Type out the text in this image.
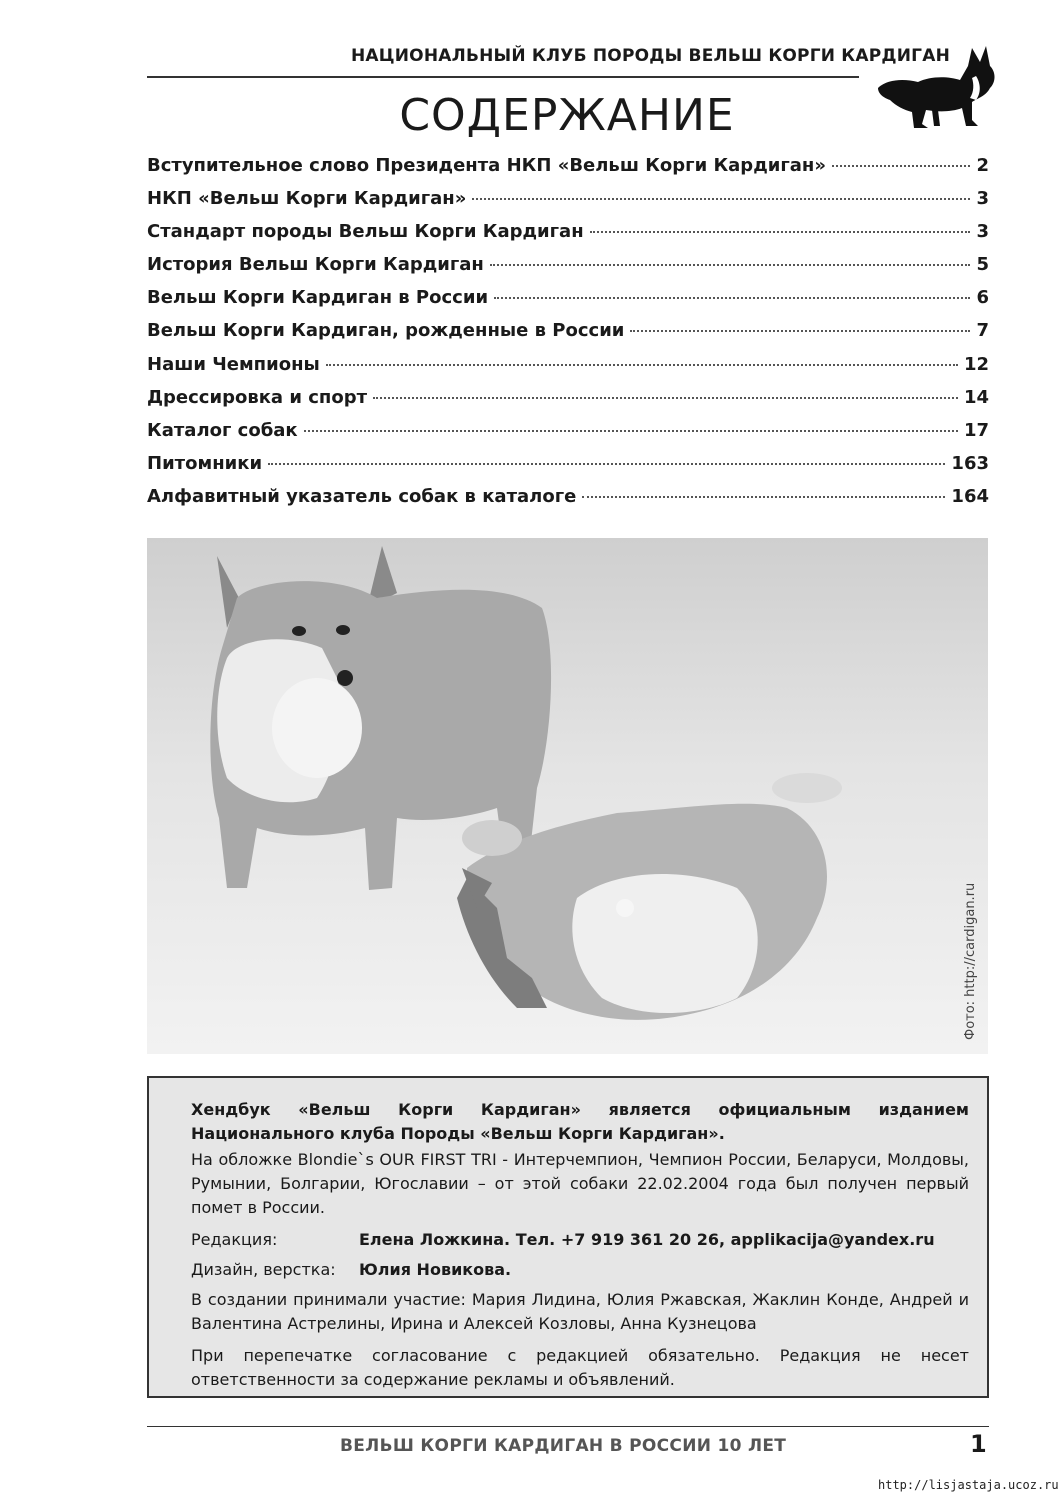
НАЦИОНАЛЬНЫЙ КЛУБ ПОРОДЫ ВЕЛЬШ КОРГИ КАРДИГАН
СОДЕРЖАНИЕ
Вступительное слово Президента НКП «Вельш Корги Кардиган»	2
НКП «Вельш Корги Кардиган»	3
Стандарт породы Вельш Корги Кардиган	3
История Вельш Корги Кардиган	5
Вельш Корги Кардиган в России	6
Вельш Корги Кардиган, рожденные в России	7
Наши Чемпионы	12
Дрессировка и спорт	14
Каталог собак	17
Питомники	163
Алфавитный указатель собак в каталоге	164
Фото: http://cardigan.ru

Хендбук «Вельш Корги Кардиган» является официальным изданием Национального клуба Породы «Вельш Корги Кардиган».

На обложке Blondie`s OUR FIRST TRI - Интерчемпион, Чемпион России, Беларуси, Молдовы, Румынии, Болгарии, Югославии – от этой собаки 22.02.2004 года был получен первый помет в России.

Редакция:	Елена Ложкина. Тел. +7 919 361 20 26, applikacija@yandex.ru
Дизайн, верстка:	Юлия Новикова.

В создании принимали участие: Мария Лидина, Юлия Ржавская, Жаклин Конде, Андрей и Валентина Астрелины, Ирина и Алексей Козловы, Анна Кузнецова

При перепечатке согласование с редакцией обязательно. Редакция не несет ответственности за содержание рекламы и объявлений.

ВЕЛЬШ КОРГИ КАРДИГАН В РОССИИ 10 ЛЕТ	1
http://lisjastaja.ucoz.ru
